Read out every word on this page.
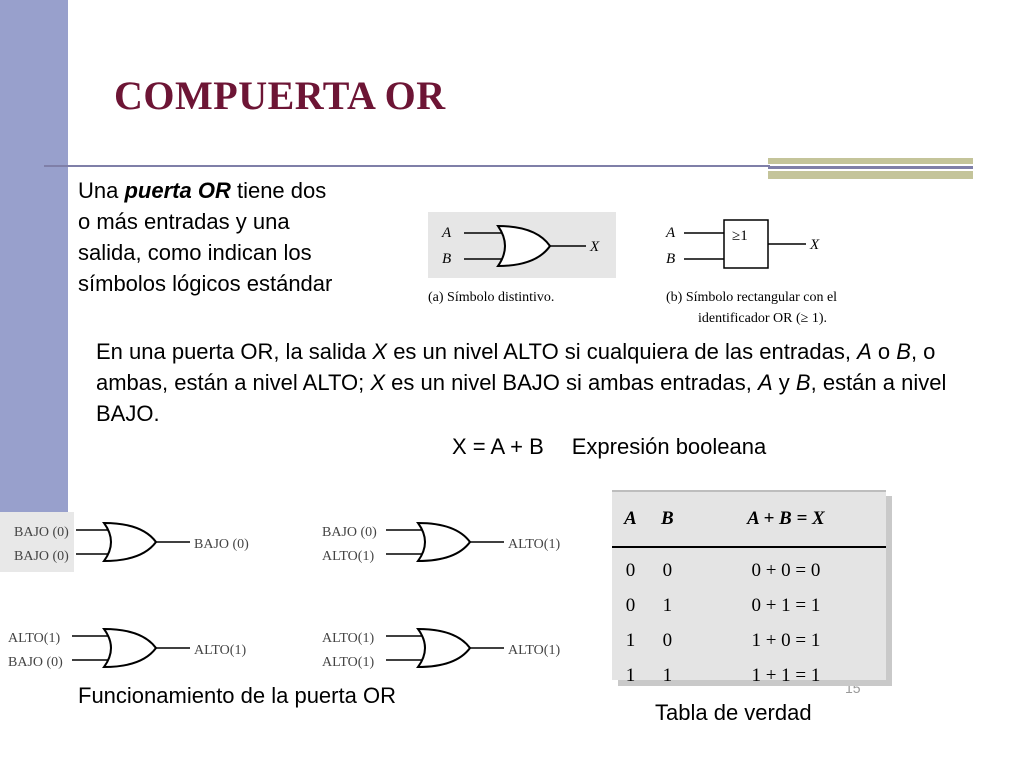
COMPUERTA OR
Una puerta OR tiene dos o más entradas y una salida, como indican los símbolos lógicos estándar
A
B
X
(a) Símbolo distintivo.
A
B
≥1
X
(b) Símbolo rectangular con el
identificador OR (≥ 1).
En una puerta OR, la salida X es un nivel ALTO si cualquiera de las entradas, A o B, o ambas, están a nivel ALTO; X es un nivel BAJO si ambas entradas, A y B, están a nivel BAJO.
X = A + B Expresión booleana
BAJO (0)
BAJO (0)
BAJO (0)
BAJO (0)
ALTO(1)
ALTO(1)
ALTO(1)
BAJO (0)
ALTO(1)
ALTO(1)
ALTO(1)
ALTO(1)
Funcionamiento de la puerta OR	15
A	B	A + B = X
0	0	0 + 0 = 0
0	1	0 + 1 = 1
1	0	1 + 0 = 1
1	1	1 + 1 = 1
Tabla de verdad
